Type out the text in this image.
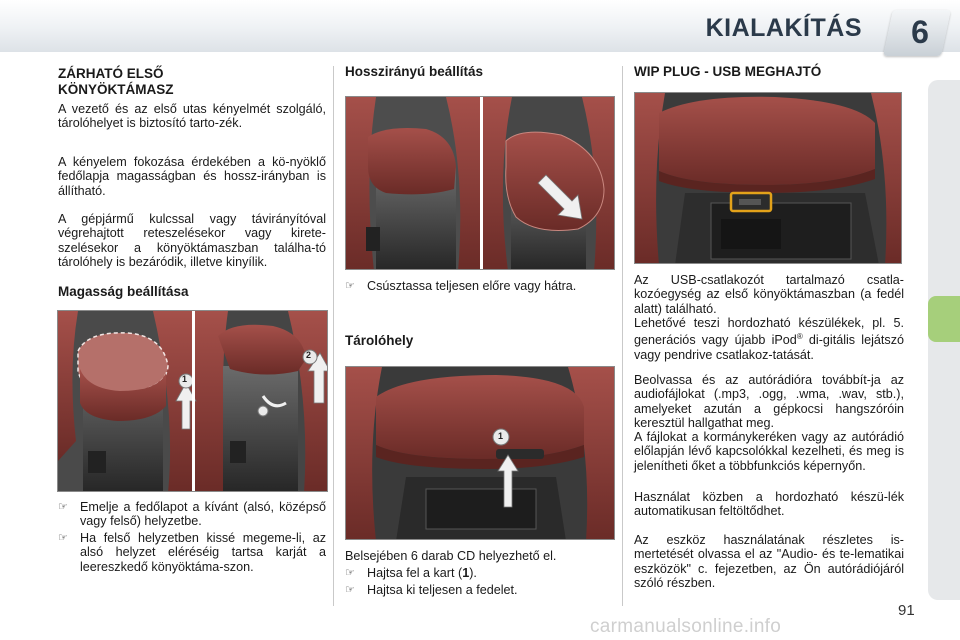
KIALAKÍTÁS	6
ZÁRHATÓ ELSŐ
KÖNYÖKTÁMASZ

A vezető és az első utas kényelmét szolgáló, tárolóhelyet is biztosító tarto-zék.

A kényelem fokozása érdekében a kö-nyöklő fedőlapja magasságban és hossz-irányban is állítható.

A gépjármű kulcssal vagy távirányítóval végrehajtott reteszelésekor vagy kirete-szelésekor a könyöktámaszban találha-tó tárolóhely is bezáródik, illetve kinyílik.

Magasság beállítása
1
2
☞ Emelje a fedőlapot a kívánt (alsó, középső vagy felső) helyzetbe.
☞ Ha felső helyzetben kissé megeme-li, az alsó helyzet eléréséig tartsa karját a leereszkedő könyöktáma-szon.
Hosszirányú beállítás
☞ Csúsztassa teljesen előre vagy hátra.
Tárolóhely
1

Belsejében 6 darab CD helyezhető el.

☞ Hajtsa fel a kart (1).
☞ Hajtsa ki teljesen a fedelet.
WIP PLUG - USB MEGHAJTÓ

Az USB-csatlakozót tartalmazó csatla-kozóegység az első könyöktámaszban (a fedél alatt) található.

Lehetővé teszi hordozható készülékek, pl. 5. generációs vagy újabb iPod® di-gitális lejátszó vagy pendrive csatlakoz-tatását.

Beolvassa és az autórádióra továbbít-ja az audiofájlokat (.mp3, .ogg, .wma, .wav, stb.), amelyeket azután a gépkocsi hangszóróin keresztül hallgathat meg.

A fájlokat a kormánykeréken vagy az autórádió előlapján lévő kapcsolókkal kezelheti, és meg is jelenítheti őket a többfunkciós képernyőn.

Használat közben a hordozható készü-lék automatikusan feltöltődhet.

Az eszköz használatának részletes is-mertetését olvassa el az "Audio- és te-lematikai eszközök" c. fejezetben, az Ön autórádiójáról szóló részben.

91
carmanualsonline.info
